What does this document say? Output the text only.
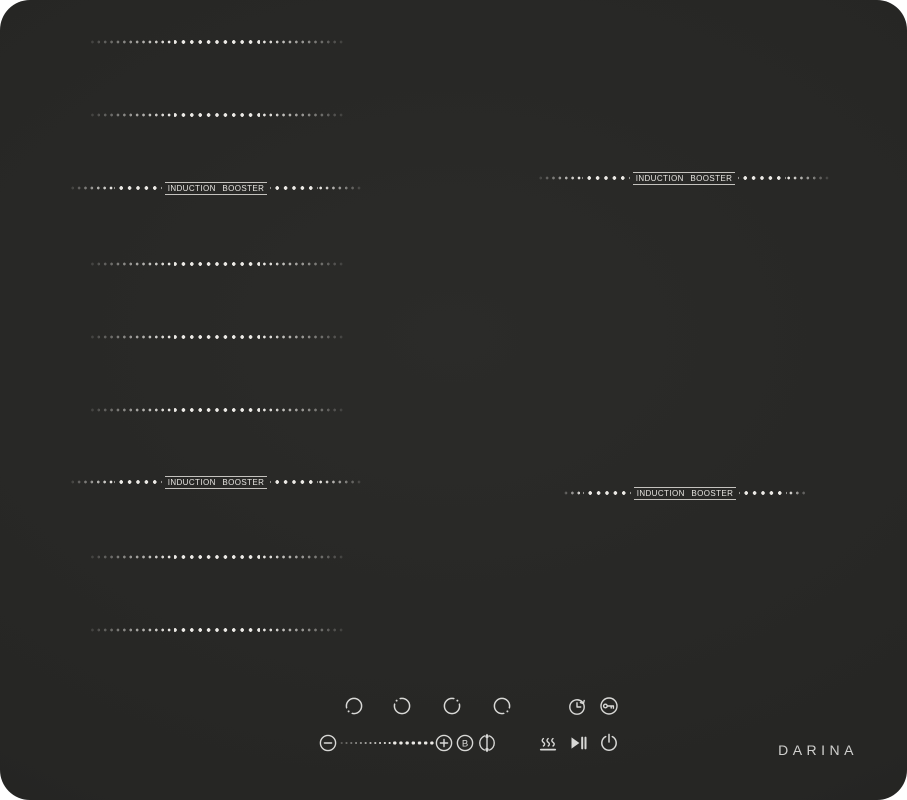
INDUCTION BOOSTER
INDUCTION BOOSTER
INDUCTION BOOSTER
INDUCTION BOOSTER
B	DARINA
